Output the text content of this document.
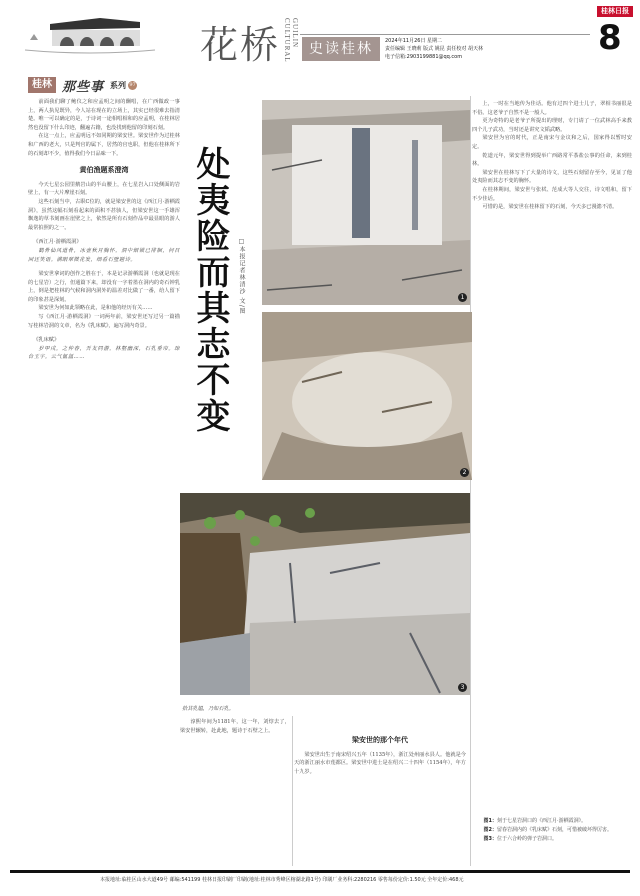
花桥	GUILIN CULTURAL	史读桂林	2024年11月26日 星期二
责任编辑 王晓莉 版式 姚昆 责任校对 胡天林
电子信箱:2903199881@qq.com
桂林日报
8
桂林 那些事 系列 97

前面我们聊了鲍仪之和应孟明之间的酬唱，在广西做政一事上，两人执见既异，今人站在现在的立场上，其实已经很难去指清楚。唯一可以确定的是，于诗词一途相唱相和的应孟明，在桂林居然也没留下什么印迹，翻遍古籍，也没找到他留的印刻石刻。

在这一点上，应孟明远不如同期的梁安世。梁安世作为过桂林和广西的老大，只是判官的属下，居然的官也职，但他在桂林所下的石刻却不少，值得我们今日品味一下。

黄伯渔题系澄湾

今天七星公园里鹅岩山的半山腰上，在七星岩入口处侧面的岩壁上，有一大片摩崖石刻。

这些石刻当中，古职C位的，就是梁安世的这《西江月·游栖霞洞》，虽然这幅石刻看起来的面积不甚骇人，但梁安世这一手雄浑飘逸的草书刻画在崖壁之上，依然是所有石刻作品中最显眼的游人最常拍照的之一。

《西江月·游栖霞洞》

鹤骨仙风道骨，冰壶秋月胸怀。洞中烟锁已徘徊，何日回还笑语。满眼翠微花发，细看石壁题诗。

梁安世拿词的创作之胜在于，本是记录游栖霞洞（也就是现在的七星岩）之行，但通篇下来，却没有一字着墨在洞内的奇石钟乳上，倒是把桂林的气候和洞内洞外的温差对比做了一番，给人留下的印象甚是深刻。

梁安世为何如此领略在此，是和他的经历有关……

写《西江月·游栖霞洞》一词两年前，梁安世还写过另一篇描写桂林岩洞的文章，名为《乳床赋》，遍写洞内奇景。

《乳床赋》

岁甲戌，之仲春，吾友同游。林壑幽深，石乳垂帘。琼台玉宇，云气氤氲……	处夷险而其志不变 □本报记者林清沙 文/图	1
2
3
拾其乳媪，乃如石乳。

淳熙年间为1181年，这一年，刘焞去了，梁安世辗转，赴此地，题诗于石壁之上。

梁安世的那个年代

梁安世出生于南宋绍兴五年（1135年），浙江处州丽水县人。他就是今天的浙江丽水市莲都区。梁安世中进士是在绍兴二十四年（1154年），年方十九岁。

上，一时在当地传为佳话。他有过四个进士儿子，翠相书丽很是不俗。这老爷子自然不是一般人。

更为奇特的是老爷子所提出的理财，专门请了一位武林高手来教四个儿子武功，当时还是讲究文韬武略。

梁安世为官的时代，正是南宋与金议和之后，国家得以暂时安定。

乾道元年，梁安世得到提举广西路常平茶盐公事的任命，来到桂林。

梁安世在桂林写下了大量的诗文，这些石刻留存至今，见证了他处夷险而其志不变的胸怀。

在桂林期间，梁安世与张栻、范成大等人交往，诗文唱和，留下不少佳话。

可惜的是，梁安世在桂林留下的石刻，今天多已漫漶不清。

图1：刻于七星岩洞口的《西江月·游栖霞洞》。
图2：留春岩洞内的《乳床赋》石刻，可惜被破坏得厉害。
图3：位于六合岭的弹子岩洞口。
本报地址:临桂区山水大道49号 邮编:541199 桂林日报印刷厂印刷(地址:桂林市秀峰区榕湖北路1号) 印刷厂业务科:2280216 零售每份定价:1.50元 全年定价:468元
